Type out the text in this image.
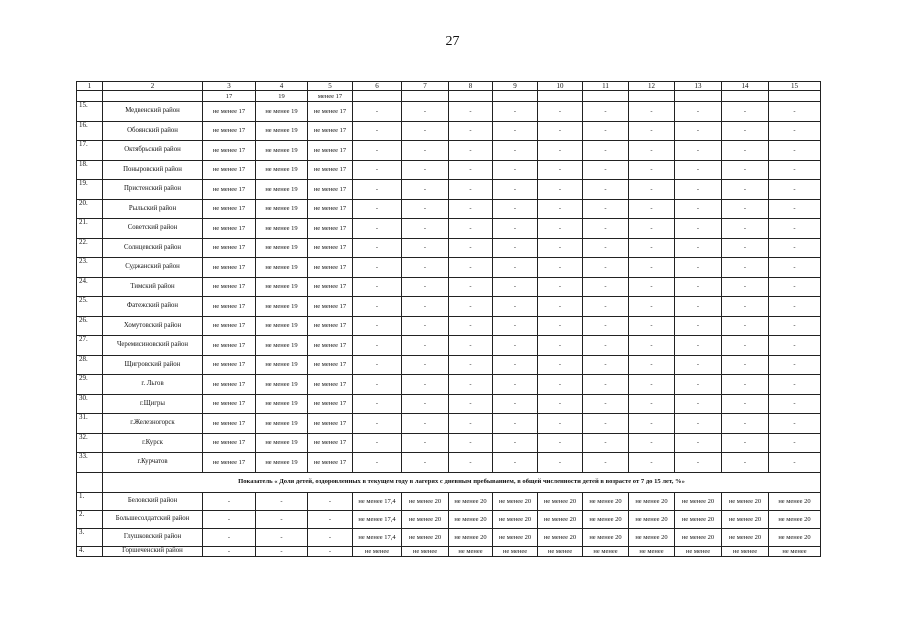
27
1	2	3	4	5	6	7	8	9	10	11	12	13	14	15
		17	19	менее 17										
15.	Медвенский район	не менее 17	не менее 19	не менее 17	-	-	-	-	-	-	-	-	-	-
16.	Обоянский район	не менее 17	не менее 19	не менее 17	-	-	-	-	-	-	-	-	-	-
17.	Октябрьский район	не менее 17	не менее 19	не менее 17	-	-	-	-	-	-	-	-	-	-
18.	Поныровский район	не менее 17	не менее 19	не менее 17	-	-	-	-	-	-	-	-	-	-
19.	Пристенский район	не менее 17	не менее 19	не менее 17	-	-	-	-	-	-	-	-	-	-
20.	Рыльский район	не менее 17	не менее 19	не менее 17	-	-	-	-	-	-	-	-	-	-
21.	Советский район	не менее 17	не менее 19	не менее 17	-	-	-	-	-	-	-	-	-	-
22.	Солнцевский район	не менее 17	не менее 19	не менее 17	-	-	-	-	-	-	-	-	-	-
23.	Суджанский район	не менее 17	не менее 19	не менее 17	-	-	-	-	-	-	-	-	-	-
24.	Тимский район	не менее 17	не менее 19	не менее 17	-	-	-	-	-	-	-	-	-	-
25.	Фатежский район	не менее 17	не менее 19	не менее 17	-	-	-	-	-	-	-	-	-	-
26.	Хомутовский район	не менее 17	не менее 19	не менее 17	-	-	-	-	-	-	-	-	-	-
27.	Черемисиновский район	не менее 17	не менее 19	не менее 17	-	-	-	-	-	-	-	-	-	-
28.	Щигровский район	не менее 17	не менее 19	не менее 17	-	-	-	-	-	-	-	-	-	-
29.	г. Льгов	не менее 17	не менее 19	не менее 17	-	-	-	-	-	-	-	-	-	-
30.	г.Щигры	не менее 17	не менее 19	не менее 17	-	-	-	-	-	-	-	-	-	-
31.	г.Железногорск	не менее 17	не менее 19	не менее 17	-	-	-	-	-	-	-	-	-	-
32.	г.Курск	не менее 17	не менее 19	не менее 17	-	-	-	-	-	-	-	-	-	-
33.	г.Курчатов	не менее 17	не менее 19	не менее 17	-	-	-	-	-	-	-	-	-	-
	Показатель « Доля детей, оздоровленных в текущем году в лагерях с дневным пребыванием, в общей численности детей в возрасте от 7 до 15 лет, %»													
1.	Беловский район	-	-	-	не менее 17,4	не менее 20	не менее 20	не менее 20	не менее 20	не менее 20	не менее 20	не менее 20	не менее 20	не менее 20
2.	Большесолдатский район	-	-	-	не менее 17,4	не менее 20	не менее 20	не менее 20	не менее 20	не менее 20	не менее 20	не менее 20	не менее 20	не менее 20
3.	Глушковский район	-	-	-	не менее 17,4	не менее 20	не менее 20	не менее 20	не менее 20	не менее 20	не менее 20	не менее 20	не менее 20	не менее 20
4.	Горшеченский район	-	-	-	не менее	не менее	не менее	не менее	не менее	не менее	не менее	не менее	не менее	не менее
